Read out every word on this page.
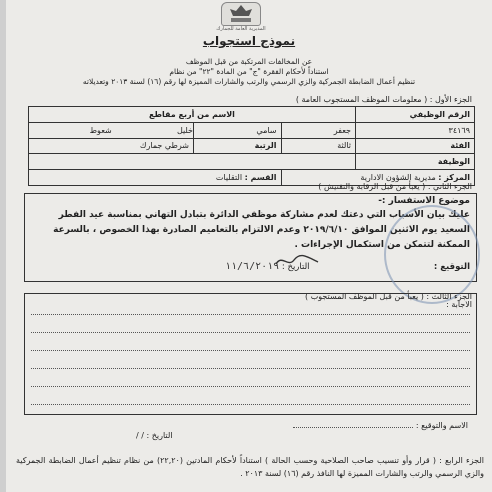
المديرية العامة للجمارك
نموذج استجواب
عن المخالفات المرتكبة من قبل الموظف
استناداً لأحكام الفقرة "ج" من المادة "٢٢" من نظام
تنظيم أعمال الضابطة الجمركية والزي الرسمي والرتب والشارات المميزة لها رقم (١٦) لسنة ٢٠١٣ وتعديلاته
الجزء الأول : ( معلومات الموظف المستجوب العامة )
الرقم الوظيفي	الاسم من أربع مقاطع		
٣٤١٦٩	جعفر	سامي	خليل شعوط
الفئة	ثالثة	الرتبة	شرطي جمارك
الوظيفة			
المركز : مديرية الشؤون الادارية		القسم : التقليات	
الجزء الثاني : ( يعبأ من قبل الرقابة والتفتيش )
موضوع الاستفسار :-
عليك بيان الأسباب التي دعتك لعدم مشاركة موظفي الدائرة بتبادل التهاني بمناسبة عيد الفطر السعيد يوم الاثنين الموافق ٢٠١٩/٦/١٠ وعدم الالتزام بالتعاميم الصادرة بهذا الخصوص ، بالسرعة الممكنة لتتمكن من استكمال الإجراءات .
التوقيع :
التاريخ : ١١/٦/٢٠١٩
الجزء الثالث : ( يعبأ من قبل الموظف المستجوب )
الاجابة :
الاسم والتوقيع :
التاريخ : / /
الجزء الرابع : ( قرار وأو تنسيب صاحب الصلاحية وحسب الحالة ) استناداً لأحكام المادتين (٢٢,٢٠) من نظام تنظيم أعمال الضابطة الجمركية والزي الرسمي والرتب والشارات المميزة لها النافذ رقم (١٦) لسنة ٢٠١٣ .
